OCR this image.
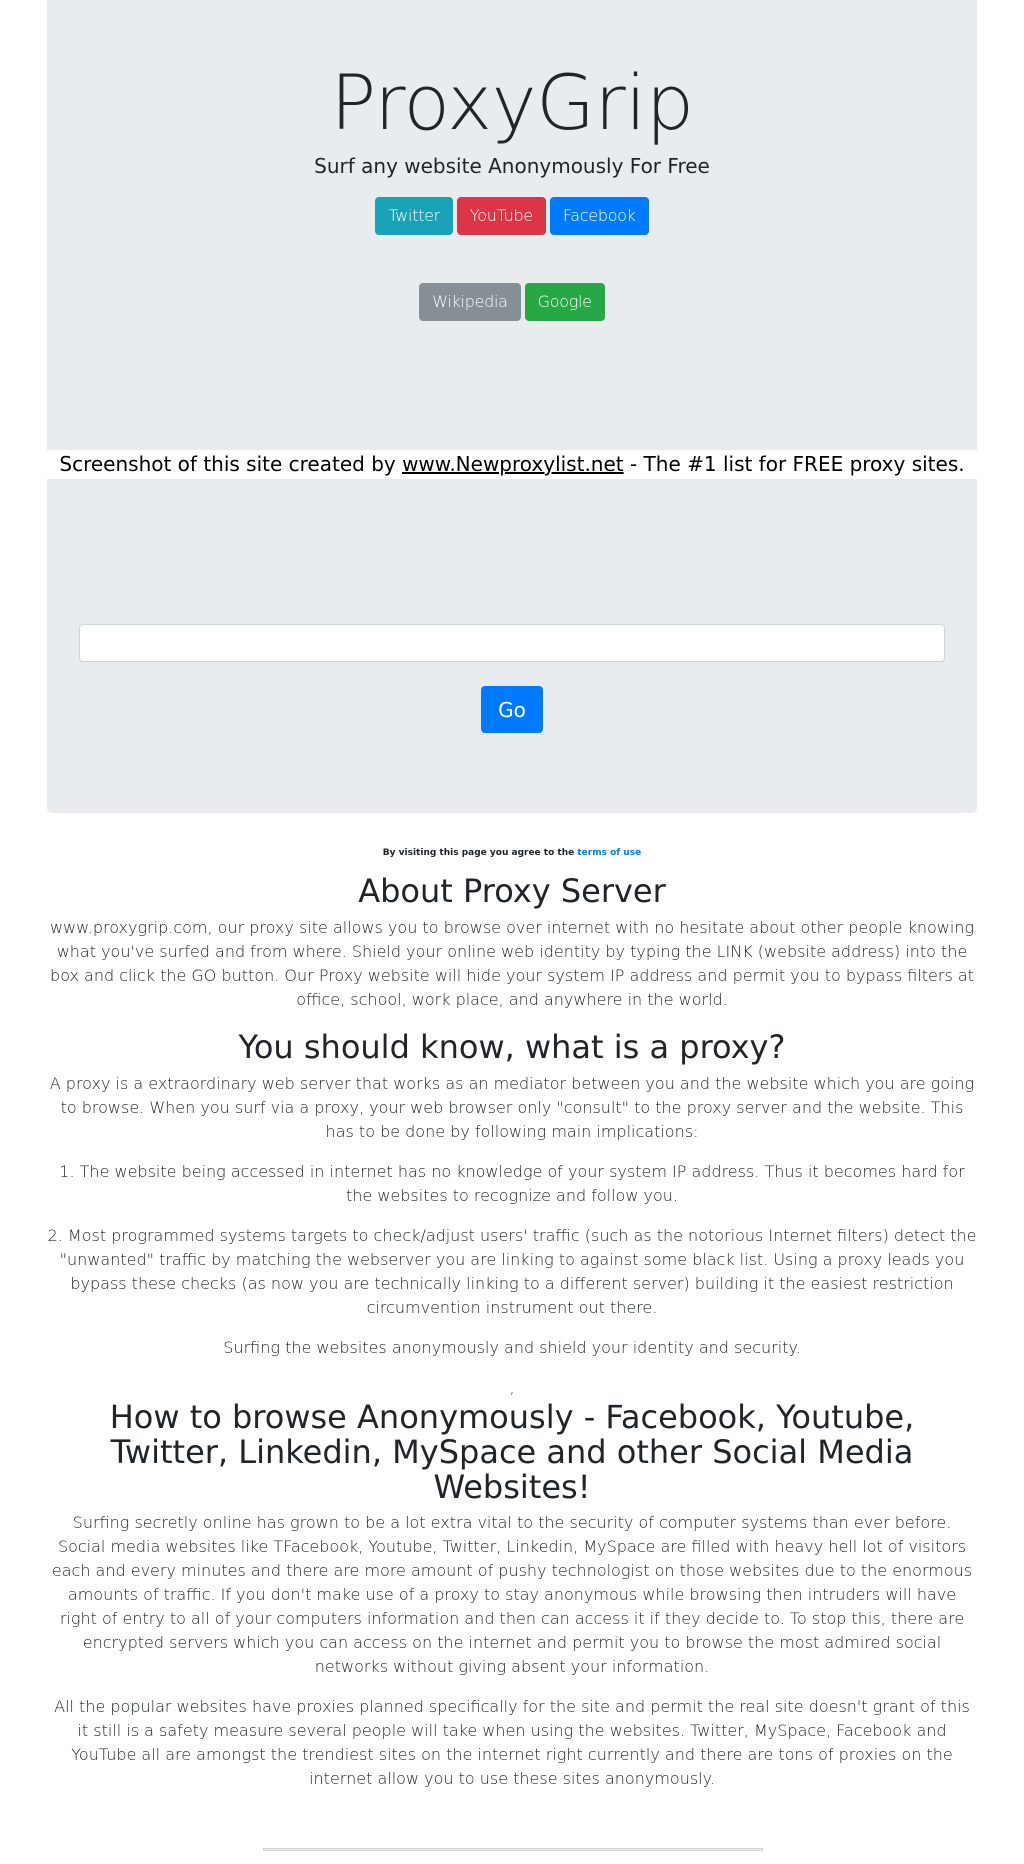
ProxyGrip
Surf any website Anonymously For Free
Twitter	YouTube	Facebook
Wikipedia	Google
Go
Screenshot of this site created by www.Newproxylist.net - The #1 list for FREE proxy sites.
By visiting this page you agree to the terms of use
About Proxy Server

www.proxygrip.com, our proxy site allows you to browse over internet with no hesitate about other people knowing what you've surfed and from where. Shield your online web identity by typing the LINK (website address) into the box and click the GO button. Our Proxy website will hide your system IP address and permit you to bypass filters at office, school, work place, and anywhere in the world.

You should know, what is a proxy?

A proxy is a extraordinary web server that works as an mediator between you and the website which you are going to browse. When you surf via a proxy, your web browser only "consult" to the proxy server and the website. This has to be done by following main implications:

1. The website being accessed in internet has no knowledge of your system IP address. Thus it becomes hard for the websites to recognize and follow you.

2. Most programmed systems targets to check/adjust users' traffic (such as the notorious Internet filters) detect the "unwanted" traffic by matching the webserver you are linking to against some black list. Using a proxy leads you bypass these checks (as now you are technically linking to a different server) building it the easiest restriction circumvention instrument out there.

Surfing the websites anonymously and shield your identity and security.

,

How to browse Anonymously - Facebook, Youtube, Twitter, Linkedin, MySpace and other Social Media Websites!

Surfing secretly online has grown to be a lot extra vital to the security of computer systems than ever before. Social media websites like TFacebook, Youtube, Twitter, Linkedin, MySpace are filled with heavy hell lot of visitors each and every minutes and there are more amount of pushy technologist on those websites due to the enormous amounts of traffic. If you don't make use of a proxy to stay anonymous while browsing then intruders will have right of entry to all of your computers information and then can access it if they decide to. To stop this, there are encrypted servers which you can access on the internet and permit you to browse the most admired social networks without giving absent your information.

All the popular websites have proxies planned specifically for the site and permit the real site doesn't grant of this it still is a safety measure several people will take when using the websites. Twitter, MySpace, Facebook and YouTube all are amongst the trendiest sites on the internet right currently and there are tons of proxies on the internet allow you to use these sites anonymously.
